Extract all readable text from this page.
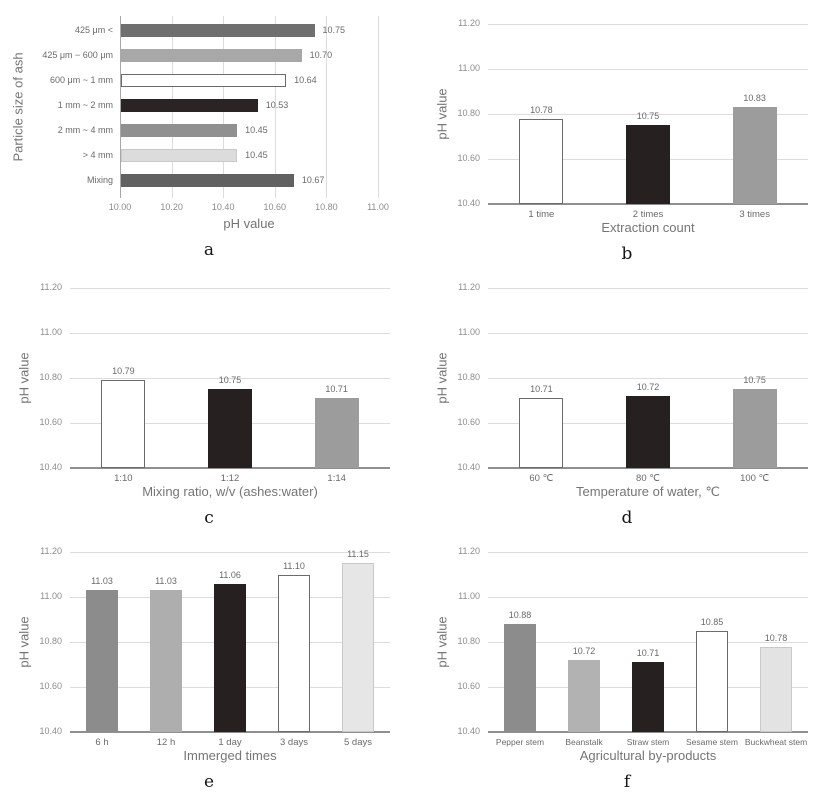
10.00	10.20	10.40	10.60	10.80	11.00
10.75
425 μm <
10.70
425 μm − 600 μm
10.64
600 μm ~ 1 mm
10.53
1 mm ~ 2 mm
10.45
2 mm ~ 4 mm
10.45
> 4 mm
10.67
Mixing
Particle size of ash
pH value
a
10.40
10.60
10.80
11.00
11.20
10.78
1 time
10.75
2 times
10.83
3 times
pH value
Extraction count
b
10.40
10.60
10.80
11.00
11.20
10.79
1:10
10.75
1:12
10.71
1:14
pH value
Mixing ratio, w/v (ashes:water)
c
10.40
10.60
10.80
11.00
11.20
10.71
60 ℃
10.72
80 ℃
10.75
100 ℃
pH value
Temperature of water, ℃
d
10.40
10.60
10.80
11.00
11.20
11.03
6 h
11.03
12 h
11.06
1 day
11.10
3 days
11.15
5 days
pH value
Immerged times
e
10.40
10.60
10.80
11.00
11.20
10.88
Pepper stem
10.72
Beanstalk
10.71
Straw stem
10.85
Sesame stem
10.78
Buckwheat stem
pH value
Agricultural by-products
f
